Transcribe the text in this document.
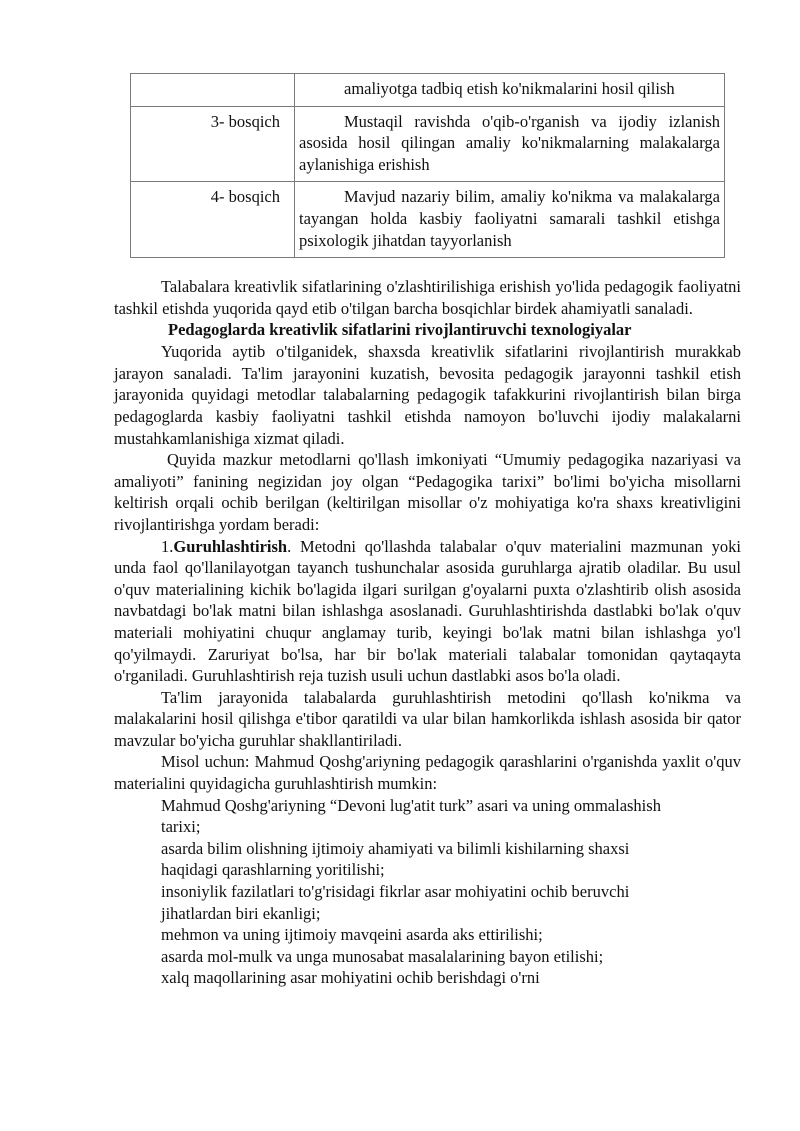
	amaliyotga tadbiq etish ko'nikmalarini hosil qilish

3- bosqich	Mustaqil ravishda o'qib-o'rganish va ijodiy izlanish asosida hosil qilingan amaliy ko'nikmalarning malakalarga aylanishiga erishish

4- bosqich	Mavjud nazariy bilim, amaliy ko'nikma va malakalarga tayangan holda kasbiy faoliyatni samarali tashkil etishga psixologik jihatdan tayyorlanish

Talabalara kreativlik sifatlarining o'zlashtirilishiga erishish yo'lida pedagogik faoliyatni tashkil etishda yuqorida qayd etib o'tilgan barcha bosqichlar birdek ahamiyatli sanaladi.

Pedagoglarda kreativlik sifatlarini rivojlantiruvchi texnologiyalar

Yuqorida aytib o'tilganidek, shaxsda kreativlik sifatlarini rivojlantirish murakkab jarayon sanaladi. Ta'lim jarayonini kuzatish, bevosita pedagogik jarayonni tashkil etish jarayonida quyidagi metodlar talabalarning pedagogik tafakkurini rivojlantirish bilan birga pedagoglarda kasbiy faoliyatni tashkil etishda namoyon bo'luvchi ijodiy malakalarni mustahkamlanishiga xizmat qiladi.

Quyida mazkur metodlarni qo'llash imkoniyati “Umumiy pedagogika nazariyasi va amaliyoti” fanining negizidan joy olgan “Pedagogika tarixi” bo'limi bo'yicha misollarni keltirish orqali ochib berilgan (keltirilgan misollar o'z mohiyatiga ko'ra shaxs kreativligini rivojlantirishga yordam beradi:

1.Guruhlashtirish. Metodni qo'llashda talabalar o'quv materialini mazmunan yoki unda faol qo'llanilayotgan tayanch tushunchalar asosida guruhlarga ajratib oladilar. Bu usul o'quv materialining kichik bo'lagida ilgari surilgan g'oyalarni puxta o'zlashtirib olish asosida navbatdagi bo'lak matni bilan ishlashga asoslanadi. Guruhlashtirishda dastlabki bo'lak o'quv materiali mohiyatini chuqur anglamay turib, keyingi bo'lak matni bilan ishlashga yo'l qo'yilmaydi. Zaruriyat bo'lsa, har bir bo'lak materiali talabalar tomonidan qaytaqayta o'rganiladi. Guruhlashtirish reja tuzish usuli uchun dastlabki asos bo'la oladi.

Ta'lim jarayonida talabalarda guruhlashtirish metodini qo'llash ko'nikma va malakalarini hosil qilishga e'tibor qaratildi va ular bilan hamkorlikda ishlash asosida bir qator mavzular bo'yicha guruhlar shakllantiriladi.

Misol uchun: Mahmud Qoshg'ariyning pedagogik qarashlarini o'rganishda yaxlit o'quv materialini quyidagicha guruhlashtirish mumkin:

Mahmud Qoshg'ariyning “Devoni lug'atit turk” asari va uning ommalashish tarixi;
asarda bilim olishning ijtimoiy ahamiyati va bilimli kishilarning shaxsi haqidagi qarashlarning yoritilishi;
insoniylik fazilatlari to'g'risidagi fikrlar asar mohiyatini ochib beruvchi jihatlardan biri ekanligi;
mehmon va uning ijtimoiy mavqeini asarda aks ettirilishi;
asarda mol-mulk va unga munosabat masalalarining bayon etilishi;
xalq maqollarining asar mohiyatini ochib berishdagi o'rni
